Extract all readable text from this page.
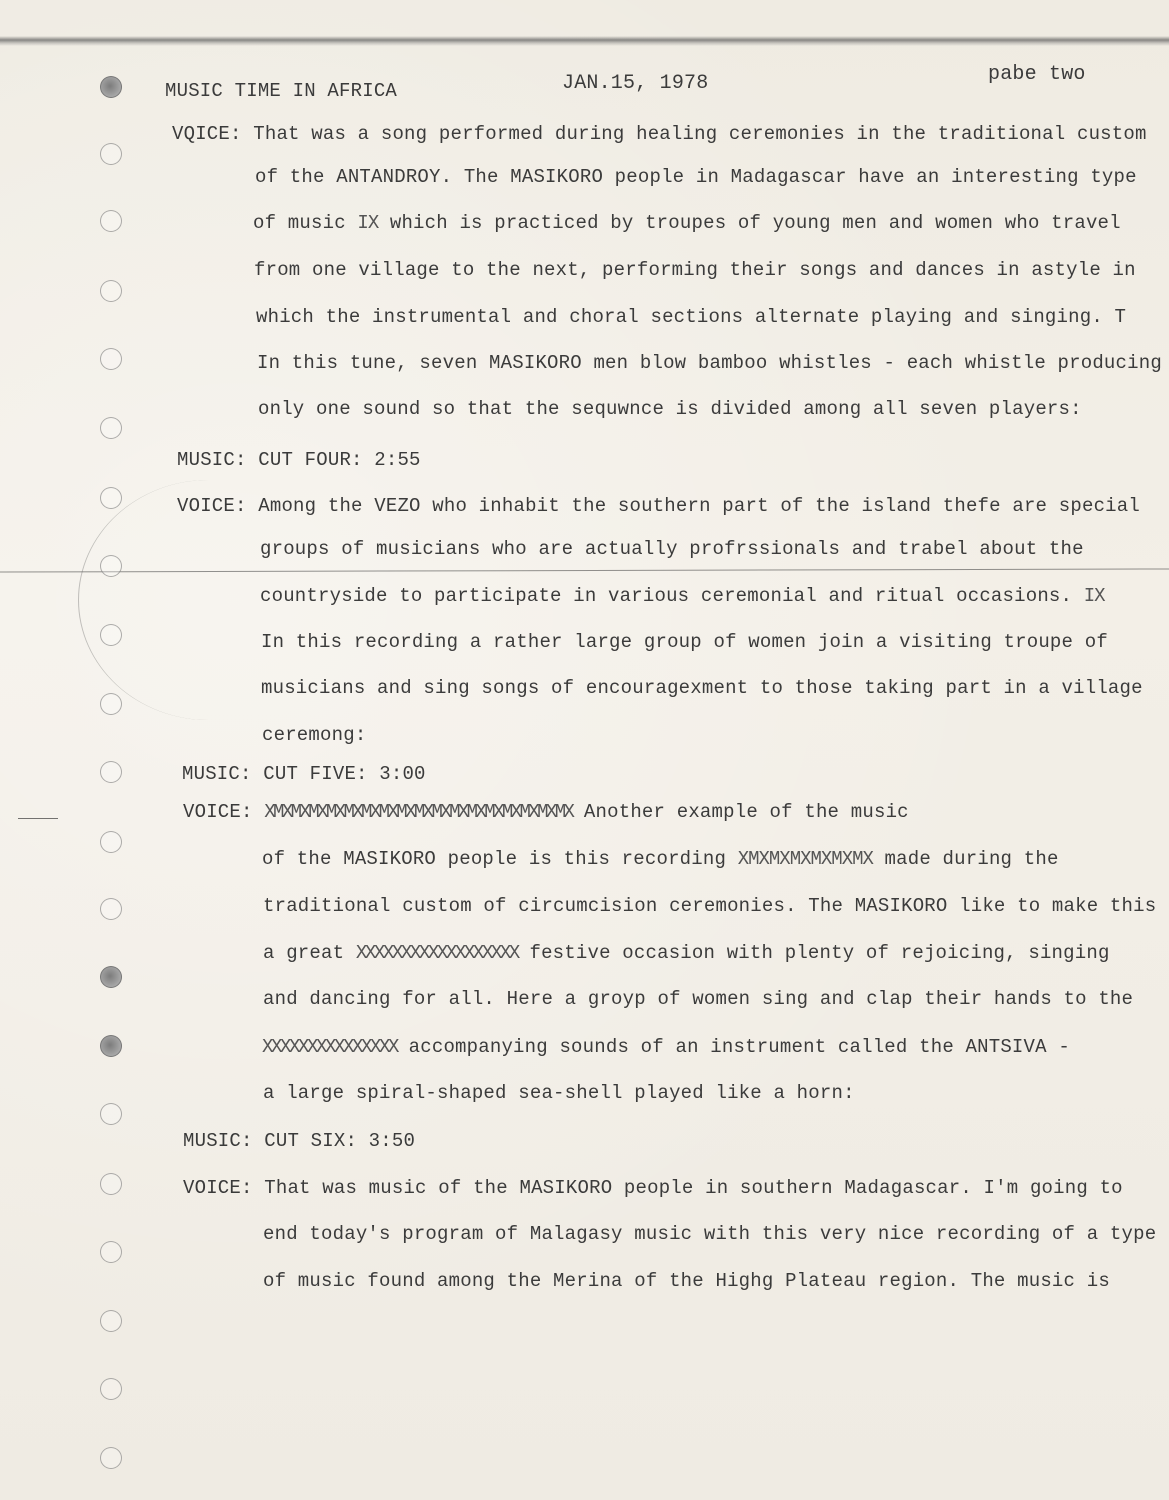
MUSIC TIME IN AFRICA	JAN.15, 1978	pabe two
VQICE: That was a song performed during healing ceremonies in the traditional custom
of the ANTANDROY. The MASIKORO people in Madagascar have an interesting type
of music IX which is practiced by troupes of young men and women who travel
from one village to the next, performing their songs and dances in astyle in
which the instrumental and choral sections alternate playing and singing. T
In this tune, seven MASIKORO men blow bamboo whistles - each whistle producing
only one sound so that the sequwnce is divided among all seven players:
MUSIC: CUT FOUR: 2:55
VOICE: Among the VEZO who inhabit the southern part of the island thefe are special
groups of musicians who are actually profrssionals and trabel about the
countryside to participate in various ceremonial and ritual occasions. IX
In this recording a rather large group of women join a visiting troupe of
musicians and sing songs of encouragexment to those taking part in a village
ceremong:
MUSIC: CUT FIVE: 3:00
VOICE: XMXMXMXMXMXMXMXMXMXMXMXMXMXMXMXMXMX Another example of the music
of the MASIKORO people is this recording XMXMXMXMXMXMX made during the
traditional custom of circumcision ceremonies. The MASIKORO like to make this
a great XXXXXXXXXXXXXXXXXX festive occasion with plenty of rejoicing, singing
and dancing for all. Here a groyp of women sing and clap their hands to the
XXXXXXXXXXXXXXX accompanying sounds of an instrument called the ANTSIVA -
a large spiral-shaped sea-shell played like a horn:
MUSIC: CUT SIX: 3:50
VOICE: That was music of the MASIKORO people in southern Madagascar. I'm going to
end today's program of Malagasy music with this very nice recording of a type
of music found among the Merina of the Highg Plateau region. The music is
